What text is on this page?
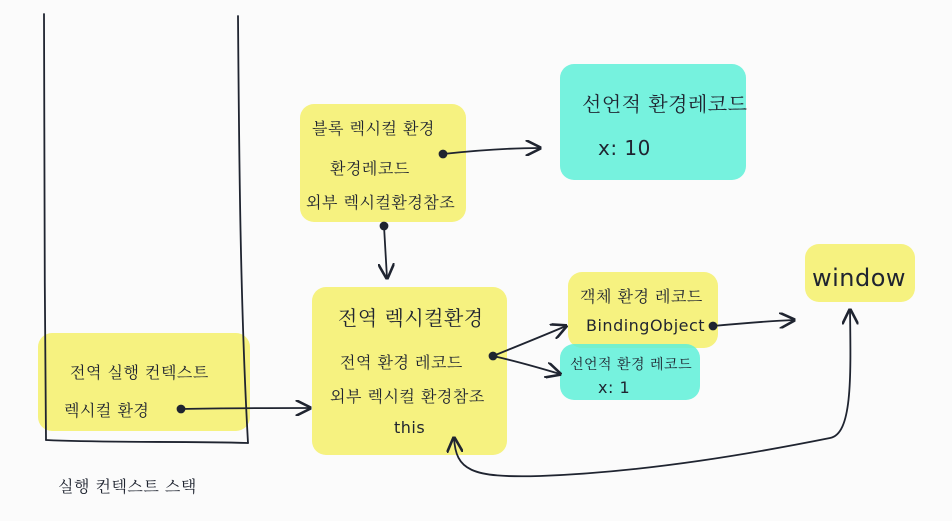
전역 실행 컨텍스트
렉시컬 환경
실행 컨텍스트 스택
블록 렉시컬 환경
환경레코드
외부 렉시컬환경참조
선언적 환경레코드
x: 10
전역 렉시컬환경
전역 환경 레코드
외부 렉시컬 환경참조
this
객체 환경 레코드
BindingObject
선언적 환경 레코드
x: 1
window
